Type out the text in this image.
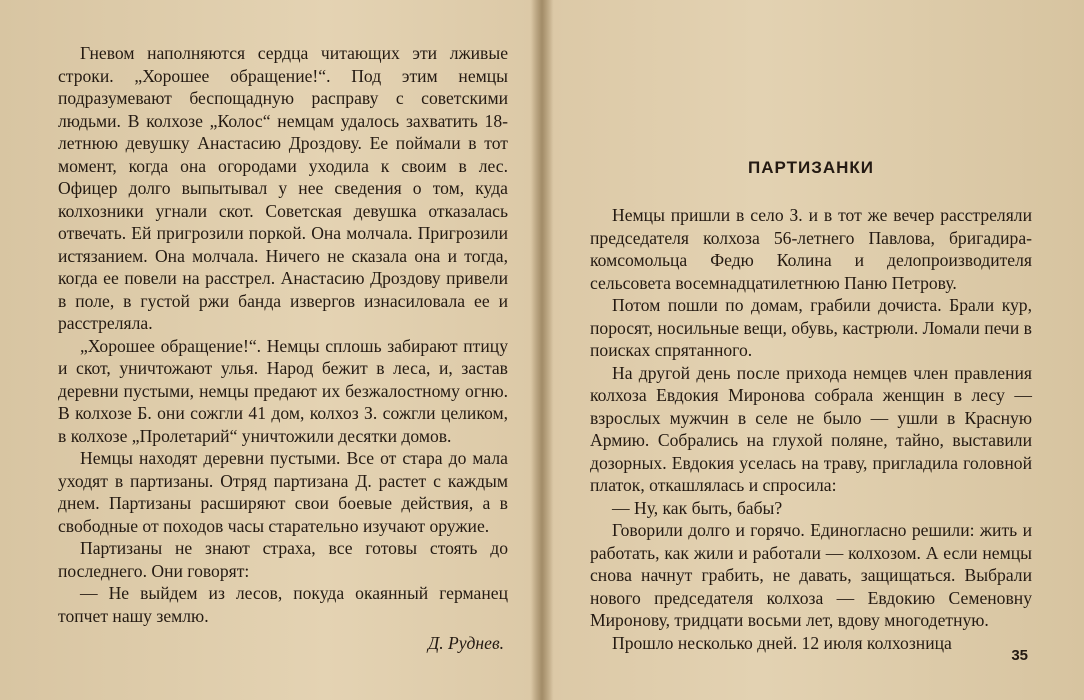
Гневом наполняются сердца читающих эти лживые строки. „Хорошее обращение!“. Под этим немцы подразумевают беспощадную расправу с советскими людьми. В колхозе „Колос“ немцам удалось захватить 18-летнюю девушку Анастасию Дроздову. Ее поймали в тот момент, когда она огородами уходила к своим в лес. Офицер долго выпытывал у нее сведения о том, куда колхозники угнали скот. Советская девушка отказалась отвечать. Ей пригрозили поркой. Она молчала. Пригрозили истязанием. Она молчала. Ничего не сказала она и тогда, когда ее повели на расстрел. Анастасию Дроздову привели в поле, в густой ржи банда извергов изнасиловала ее и расстреляла.

„Хорошее обращение!“. Немцы сплошь забирают птицу и скот, уничтожают улья. Народ бежит в леса, и, застав деревни пустыми, немцы предают их безжалостному огню. В колхозе Б. они сожгли 41 дом, колхоз З. сожгли целиком, в колхозе „Пролетарий“ уничтожили десятки домов.

Немцы находят деревни пустыми. Все от стара до мала уходят в партизаны. Отряд партизана Д. растет с каждым днем. Партизаны расширяют свои боевые действия, а в свободные от походов часы старательно изучают оружие.

Партизаны не знают страха, все готовы стоять до последнего. Они говорят:

— Не выйдем из лесов, покуда окаянный германец топчет нашу землю.

Д. Руднев.
ПАРТИЗАНКИ

Немцы пришли в село З. и в тот же вечер расстреляли председателя колхоза 56-летнего Павлова, бригадира-комсомольца Федю Колина и делопроизводителя сельсовета восемнадцатилетнюю Паню Петрову.

Потом пошли по домам, грабили дочиста. Брали кур, поросят, носильные вещи, обувь, кастрюли. Ломали печи в поисках спрятанного.

На другой день после прихода немцев член правления колхоза Евдокия Миронова собрала женщин в лесу — взрослых мужчин в селе не было — ушли в Красную Армию. Собрались на глухой поляне, тайно, выставили дозорных. Евдокия уселась на траву, пригладила головной платок, откашлялась и спросила:

— Ну, как быть, бабы?

Говорили долго и горячо. Единогласно решили: жить и работать, как жили и работали — колхозом. А если немцы снова начнут грабить, не давать, защищаться. Выбрали нового председателя колхоза — Евдокию Семеновну Миронову, тридцати восьми лет, вдову многодетную.

Прошло несколько дней. 12 июля колхозница

35
